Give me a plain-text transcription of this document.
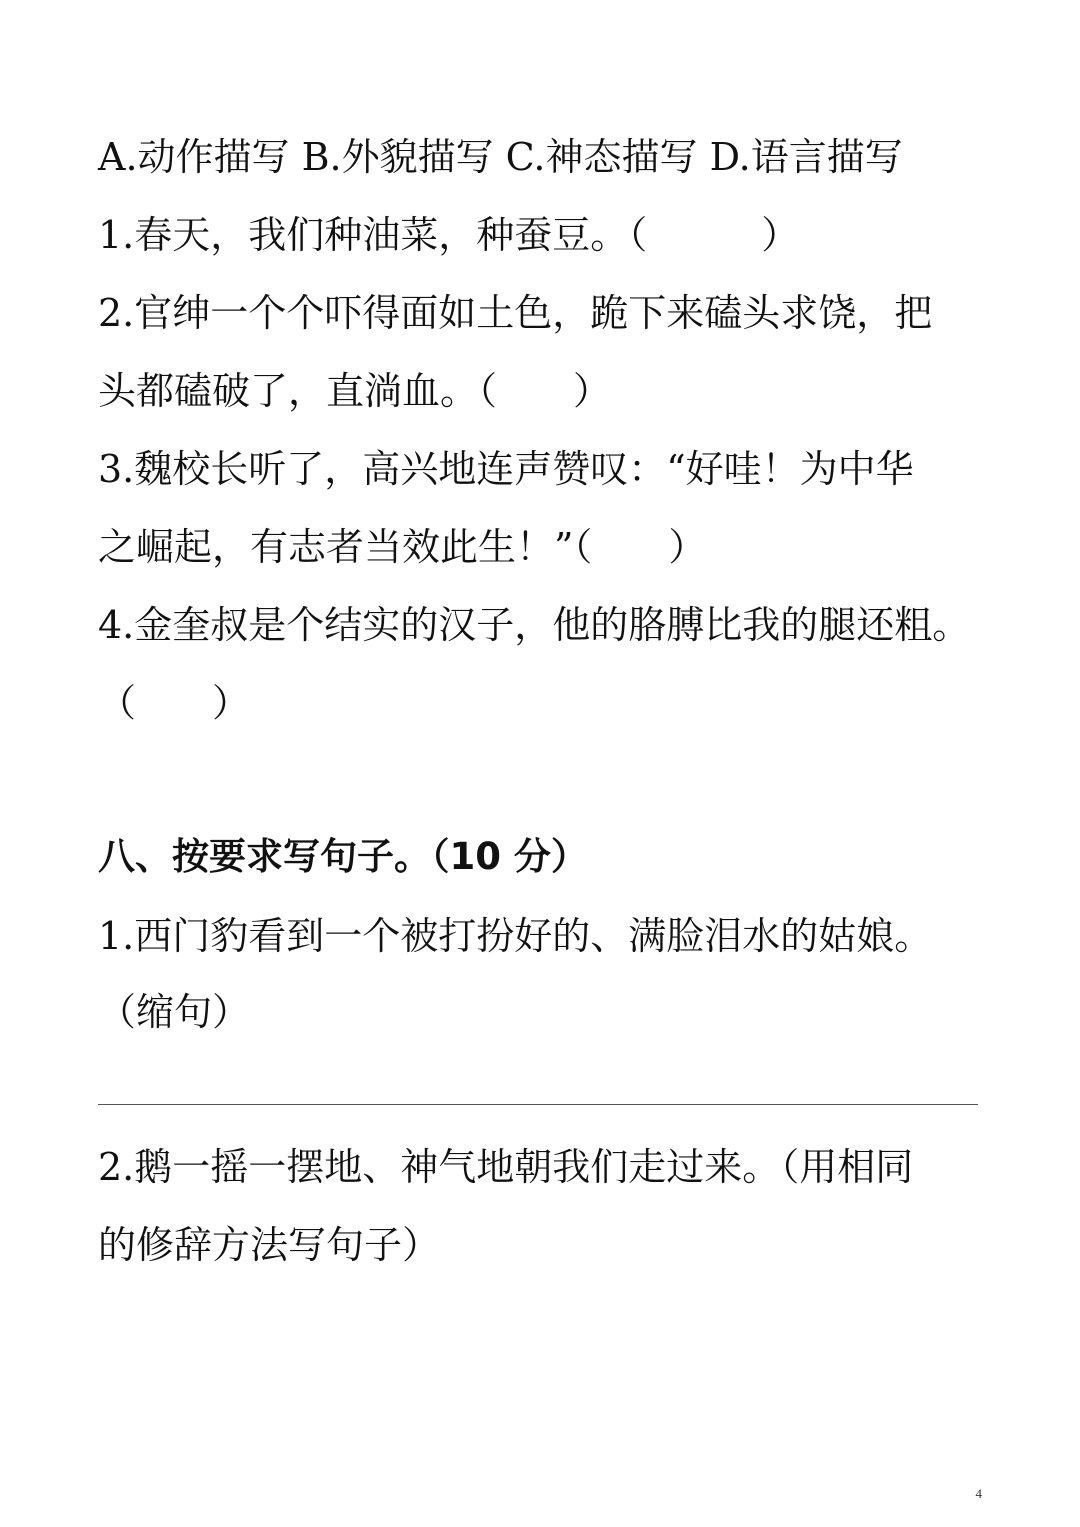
A.动作描写 B.外貌描写 C.神态描写 D.语言描写
1.春天，我们种油菜，种蚕豆。（　　　）
2.官绅一个个吓得面如土色，跪下来磕头求饶，把
头都磕破了，直淌血。（　　）
3.魏校长听了，高兴地连声赞叹：“好哇！为中华
之崛起，有志者当效此生！”（　　）
4.金奎叔是个结实的汉子，他的胳膊比我的腿还粗。
（　　）
八、按要求写句子。（10 分）
1.西门豹看到一个被打扮好的、满脸泪水的姑娘。
（缩句）
2.鹅一摇一摆地、神气地朝我们走过来。（用相同
的修辞方法写句子）
4
